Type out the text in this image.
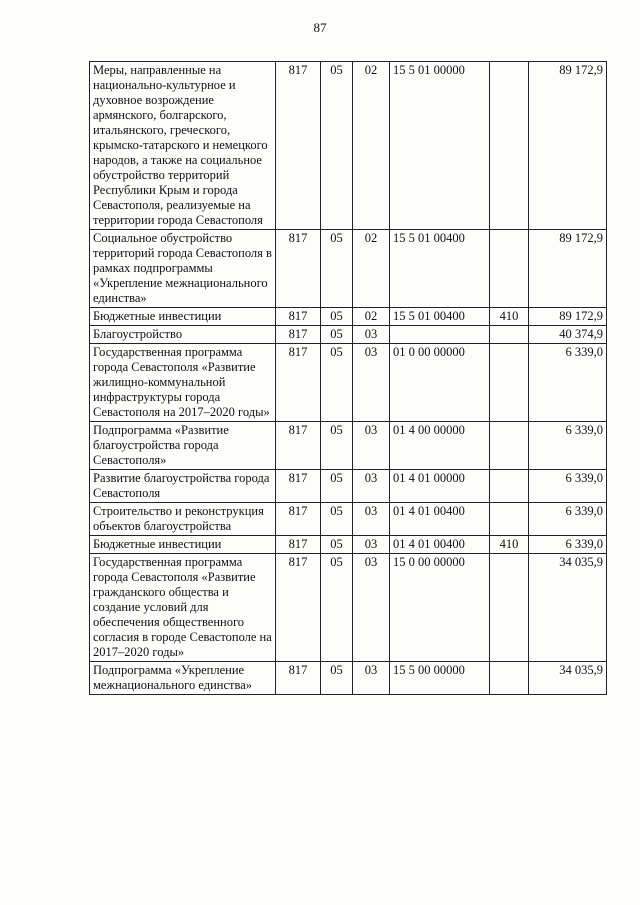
87
Меры, направленные на национально-культурное и духовное возрождение армянского, болгарского, итальянского, греческого, крымско-татарского и немецкого народов, а также на социальное обустройство территорий Республики Крым и города Севастополя, реализуемые на территории города Севастополя	817	05	02	15 5 01 00000		89 172,9
Социальное обустройство территорий города Севастополя в рамках подпрограммы «Укрепление межнационального единства»	817	05	02	15 5 01 00400		89 172,9
Бюджетные инвестиции	817	05	02	15 5 01 00400	410	89 172,9
Благоустройство	817	05	03			40 374,9
Государственная программа города Севастополя «Развитие жилищно-коммунальной инфраструктуры города Севастополя на 2017–2020 годы»	817	05	03	01 0 00 00000		6 339,0
Подпрограмма «Развитие благоустройства города Севастополя»	817	05	03	01 4 00 00000		6 339,0
Развитие благоустройства города Севастополя	817	05	03	01 4 01 00000		6 339,0
Строительство и реконструкция объектов благоустройства	817	05	03	01 4 01 00400		6 339,0
Бюджетные инвестиции	817	05	03	01 4 01 00400	410	6 339,0
Государственная программа города Севастополя «Развитие гражданского общества и создание условий для обеспечения общественного согласия в городе Севастополе на 2017–2020 годы»	817	05	03	15 0 00 00000		34 035,9
Подпрограмма «Укрепление межнационального единства»	817	05	03	15 5 00 00000		34 035,9
